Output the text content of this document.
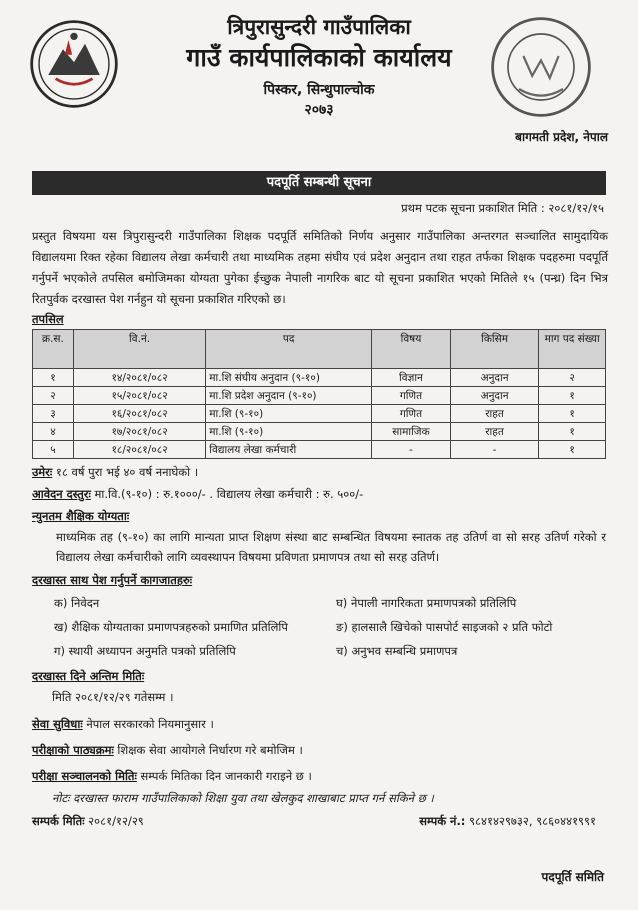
त्रिपुरासुन्दरी गाउँपालिका
गाउँ कार्यपालिकाको कार्यालय
पिस्कर, सिन्धुपाल्चोक
२०७३
बागमती प्रदेश, नेपाल
पदपूर्ति सम्बन्धी सूचना
प्रथम पटक सूचना प्रकाशित मिति : २०८१/१२/१५
प्रस्तुत विषयमा यस त्रिपुरासुन्दरी गाउँपालिका शिक्षक पदपूर्ति समितिको निर्णय अनुसार गाउँपालिका अन्तरगत सञ्चालित सामुदायिक विद्यालयमा रिक्त रहेका विद्यालय लेखा कर्मचारी तथा माध्यमिक तहमा संघीय एवं प्रदेश अनुदान तथा राहत तर्फका शिक्षक पदहरुमा पदपूर्ति गर्नुपर्ने भएकोले तपसिल बमोजिमका योग्यता पुगेका ईच्छुक नेपाली नागरिक बाट यो सूचना प्रकाशित भएको मितिले १५ (पन्ध्र) दिन भित्र रितपुर्वक दरखास्त पेश गर्नहुन यो सूचना प्रकाशित गरिएको छ।
तपसिल
क्र.स.	वि.नं.	पद	विषय	किसिम	माग पद संख्या
१	१४/२०८१/०८२	मा.शि संघीय अनुदान (९-१०)	विज्ञान	अनुदान	२
२	१५/२०८१/०८२	मा.शि प्रदेश अनुदान (९-१०)	गणित	अनुदान	१
३	१६/२०८१/०८२	मा.शि (९-१०)	गणित	राहत	१
४	१७/२०८१/०८२	मा.शि (९-१०)	सामाजिक	राहत	१
५	१८/२०८१/०८२	विद्यालय लेखा कर्मचारी	-	-	१
उमेरः १८ वर्ष पुरा भई ४० वर्ष ननाघेको ।
आवेदन दस्तुरः मा.वि.(९-१०) : रु.१०००/- . विद्यालय लेखा कर्मचारी : रु. ५००/-
न्युनतम शैक्षिक योग्यताः
माध्यमिक तह (९-१०) का लागि मान्यता प्राप्त शिक्षण संस्था बाट सम्बन्धित विषयमा स्नातक तह उतिर्ण वा सो सरह उतिर्ण गरेको र विद्यालय लेखा कर्मचारीको लागि व्यवस्थापन विषयमा प्रविणता प्रमाणपत्र तथा सो सरह उतिर्ण।
दरखास्त साथ पेश गर्नुपर्ने कागजातहरुः
क) निवेदन	घ) नेपाली नागरिकता प्रमाणपत्रको प्रतिलिपि
ख) शैक्षिक योग्यताका प्रमाणपत्रहरुको प्रमाणित प्रतिलिपि	ङ) हालसालै खिचेको पासपोर्ट साइजको २ प्रति फोटो
ग) स्थायी अध्यापन अनुमति पत्रको प्रतिलिपि	च) अनुभव सम्बन्धि प्रमाणपत्र
दरखास्त दिने अन्तिम मितिः
मिति २०८१/१२/२९ गतेसम्म ।
सेवा सुविधाः नेपाल सरकारको नियमानुसार ।
परीक्षाको पाठ्यक्रमः शिक्षक सेवा आयोगले निर्धारण गरे बमोजिम ।
परीक्षा सञ्चालनको मितिः सम्पर्क मितिका दिन जानकारी गराइने छ ।
नोटः दरखास्त फाराम गाउँपालिकाको शिक्षा युवा तथा खेलकुद शाखाबाट प्राप्त गर्न सकिने छ ।
सम्पर्क मितिः २०८१/१२/२९	सम्पर्क नं.: ९८४१४२९७३२, ९८६०४४१९९१
पदपूर्ति समिति
